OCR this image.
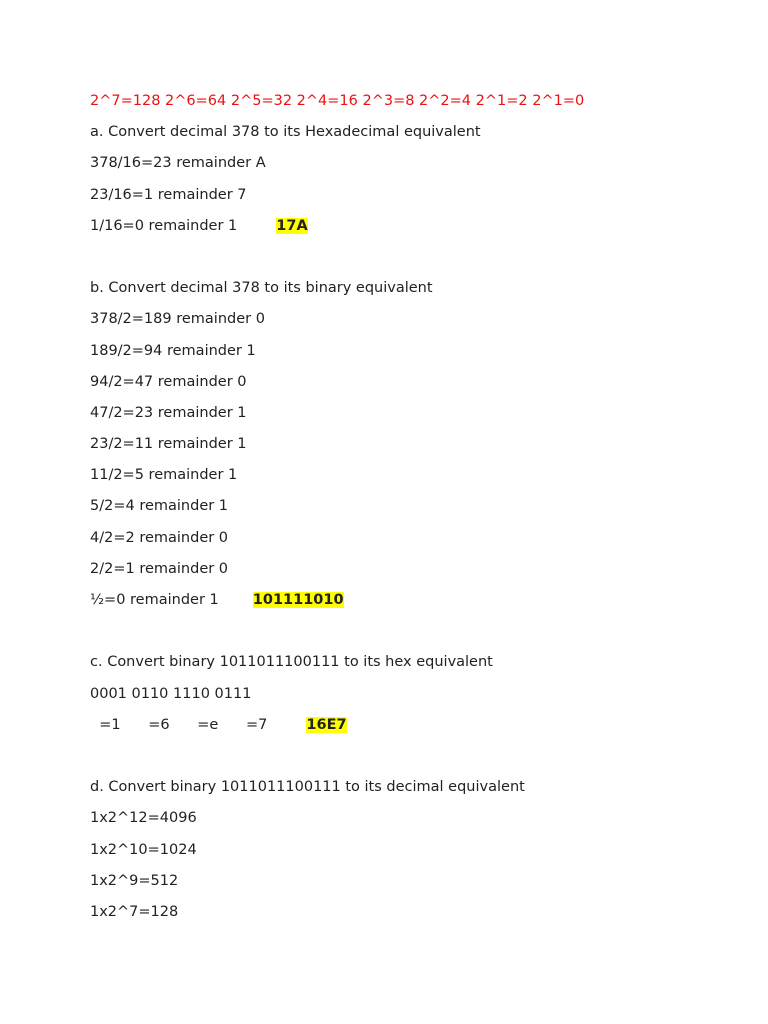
2^7=128 2^6=64 2^5=32 2^4=16 2^3=8 2^2=4 2^1=2 2^1=0
a. Convert decimal 378 to its Hexadecimal equivalent
378/16=23 remainder A
23/16=1 remainder 7
1/16=0 remainder 1	17A
b. Convert decimal 378 to its binary equivalent
378/2=189 remainder 0
189/2=94 remainder 1
94/2=47 remainder 0
47/2=23 remainder 1
23/2=11 remainder 1
11/2=5 remainder 1
5/2=4 remainder 1
4/2=2 remainder 0
2/2=1 remainder 0
½=0 remainder 1 101111010
c. Convert binary 1011011100111 to its hex equivalent
0001 0110 1110 0111
=1      =6      =e      =7	16E7
d. Convert binary 1011011100111 to its decimal equivalent
1x2^12=4096
1x2^10=1024
1x2^9=512
1x2^7=128
